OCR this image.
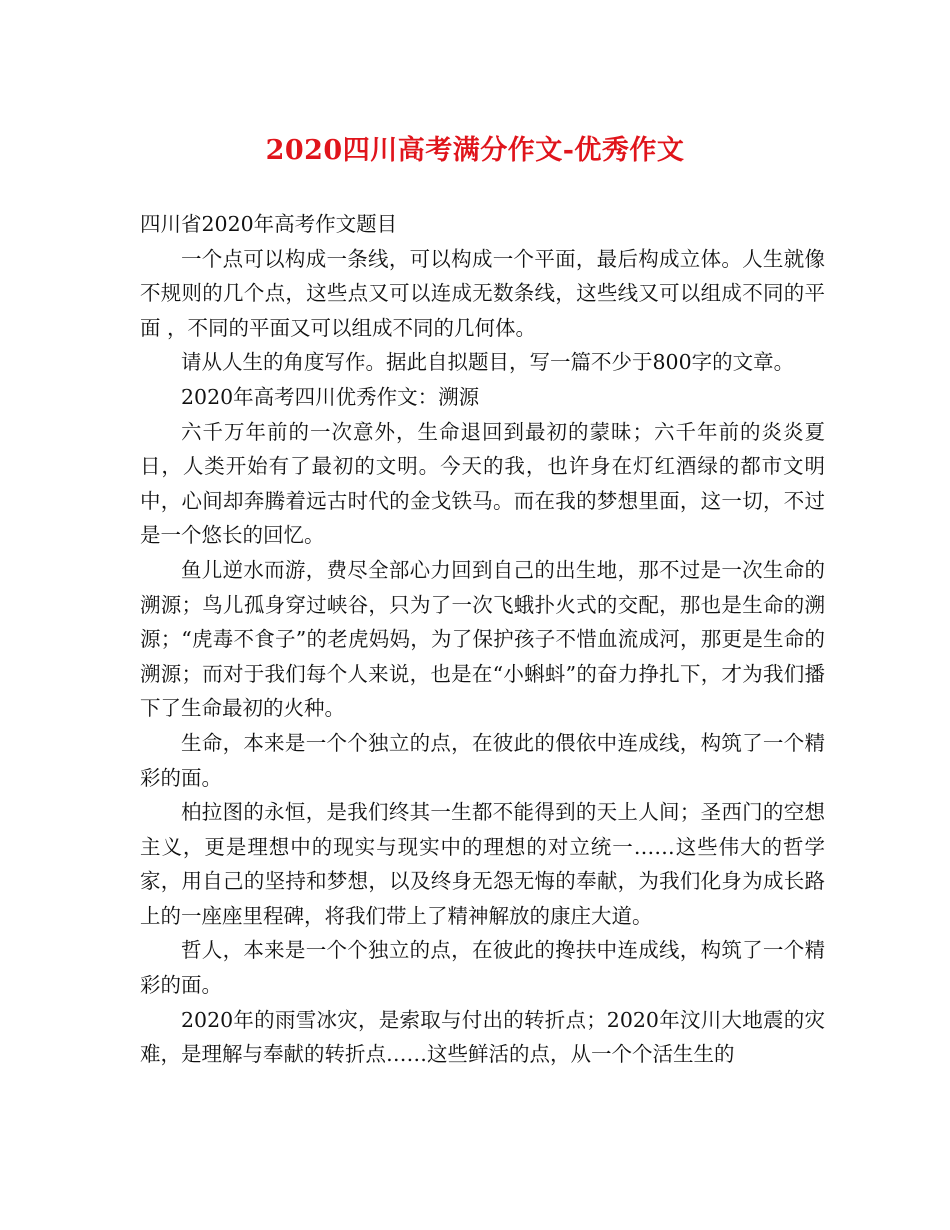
2020四川高考满分作文-优秀作文

四川省2020年高考作文题目

一个点可以构成一条线，可以构成一个平面，最后构成立体。人生就像不规则的几个点，这些点又可以连成无数条线，这些线又可以组成不同的平面 ，不同的平面又可以组成不同的几何体。

请从人生的角度写作。据此自拟题目，写一篇不少于800字的文章。

2020年高考四川优秀作文：溯源

六千万年前的一次意外，生命退回到最初的蒙昧；六千年前的炎炎夏日，人类开始有了最初的文明。今天的我，也许身在灯红酒绿的都市文明中，心间却奔腾着远古时代的金戈铁马。而在我的梦想里面，这一切，不过是一个悠长的回忆。

鱼儿逆水而游，费尽全部心力回到自己的出生地，那不过是一次生命的溯源；鸟儿孤身穿过峡谷，只为了一次飞蛾扑火式的交配，那也是生命的溯源；“虎毒不食子”的老虎妈妈，为了保护孩子不惜血流成河，那更是生命的溯源；而对于我们每个人来说，也是在“小蝌蚪”的奋力挣扎下，才为我们播下了生命最初的火种。

生命，本来是一个个独立的点，在彼此的偎依中连成线，构筑了一个精彩的面。

柏拉图的永恒，是我们终其一生都不能得到的天上人间；圣西门的空想主义，更是理想中的现实与现实中的理想的对立统一……这些伟大的哲学家，用自己的坚持和梦想，以及终身无怨无悔的奉献，为我们化身为成长路上的一座座里程碑，将我们带上了精神解放的康庄大道。

哲人，本来是一个个独立的点，在彼此的搀扶中连成线，构筑了一个精彩的面。

2020年的雨雪冰灾，是索取与付出的转折点；2020年汶川大地震的灾难，是理解与奉献的转折点……这些鲜活的点，从一个个活生生的
